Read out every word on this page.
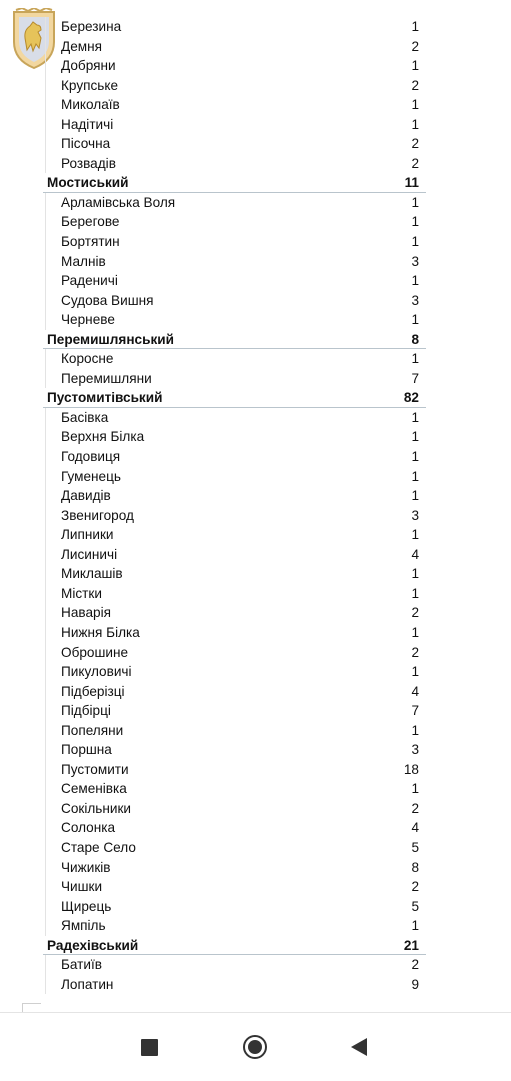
Березина	1
Демня	2
Добряни	1
Крупське	2
Миколаїв	1
Надітичі	1
Пісочна	2
Розвадів	2
Мостиський	11
Арламівська Воля	1
Берегове	1
Бортятин	1
Малнів	3
Раденичі	1
Судова Вишня	3
Черневе	1
Перемишлянський	8
Коросне	1
Перемишляни	7
Пустомитівський	82
Басівка	1
Верхня Білка	1
Годовиця	1
Гуменець	1
Давидів	1
Звенигород	3
Липники	1
Лисиничі	4
Миклашів	1
Містки	1
Наварія	2
Нижня Білка	1
Оброшине	2
Пикуловичі	1
Підберізці	4
Підбірці	7
Попеляни	1
Поршна	3
Пустомити	18
Семенівка	1
Сокільники	2
Солонка	4
Старе Село	5
Чижиків	8
Чишки	2
Щирець	5
Ямпіль	1
Радехівський	21
Батиїв	2
Лопатин	9
